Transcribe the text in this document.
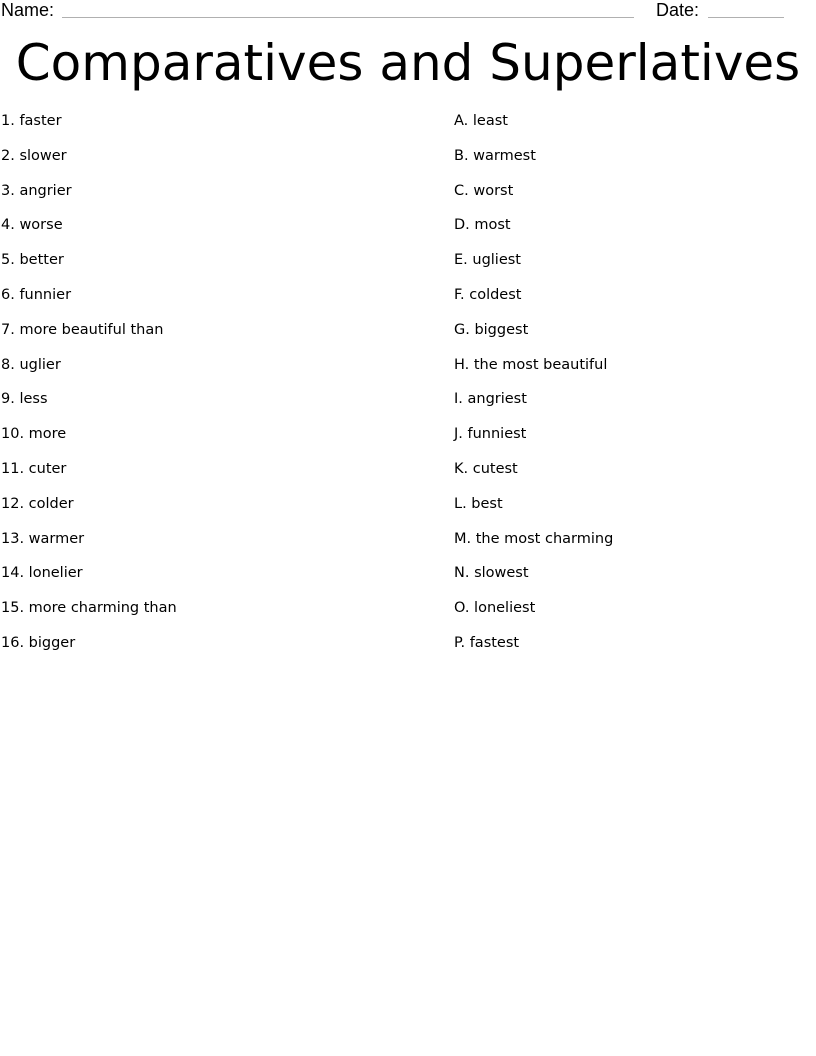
Name:	Date:
Comparatives and Superlatives
1. faster
2. slower
3. angrier
4. worse
5. better
6. funnier
7. more beautiful than
8. uglier
9. less
10. more
11. cuter
12. colder
13. warmer
14. lonelier
15. more charming than
16. bigger
A. least
B. warmest
C. worst
D. most
E. ugliest
F. coldest
G. biggest
H. the most beautiful
I. angriest
J. funniest
K. cutest
L. best
M. the most charming
N. slowest
O. loneliest
P. fastest
